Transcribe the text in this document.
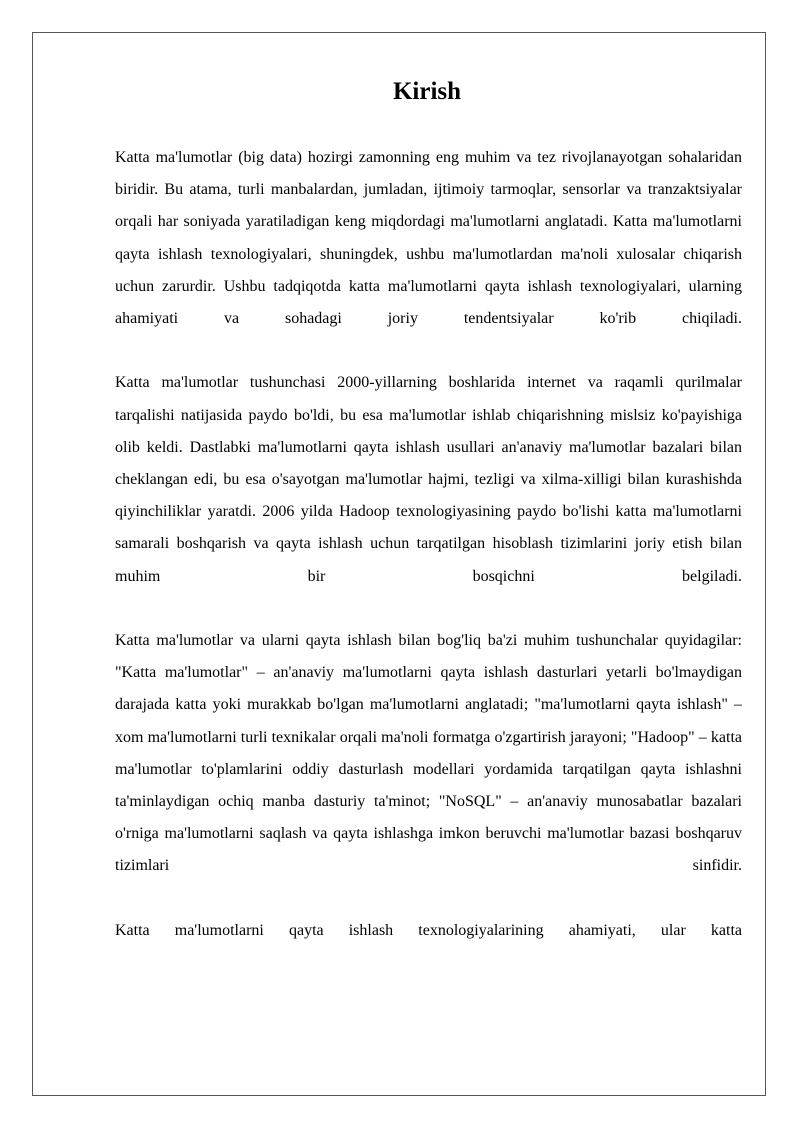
Kirish

Katta ma'lumotlar (big data) hozirgi zamonning eng muhim va tez rivojlanayotgan sohalaridan biridir. Bu atama, turli manbalardan, jumladan, ijtimoiy tarmoqlar, sensorlar va tranzaktsiyalar orqali har soniyada yaratiladigan keng miqdordagi ma'lumotlarni anglatadi. Katta ma'lumotlarni qayta ishlash texnologiyalari, shuningdek, ushbu ma'lumotlardan ma'noli xulosalar chiqarish uchun zarurdir. Ushbu tadqiqotda katta ma'lumotlarni qayta ishlash texnologiyalari, ularning ahamiyati va sohadagi joriy tendentsiyalar ko'rib chiqiladi.

Katta ma'lumotlar tushunchasi 2000-yillarning boshlarida internet va raqamli qurilmalar tarqalishi natijasida paydo bo'ldi, bu esa ma'lumotlar ishlab chiqarishning mislsiz ko'payishiga olib keldi. Dastlabki ma'lumotlarni qayta ishlash usullari an'anaviy ma'lumotlar bazalari bilan cheklangan edi, bu esa o'sayotgan ma'lumotlar hajmi, tezligi va xilma-xilligi bilan kurashishda qiyinchiliklar yaratdi. 2006 yilda Hadoop texnologiyasining paydo bo'lishi katta ma'lumotlarni samarali boshqarish va qayta ishlash uchun tarqatilgan hisoblash tizimlarini joriy etish bilan muhim bir bosqichni belgiladi.

Katta ma'lumotlar va ularni qayta ishlash bilan bog'liq ba'zi muhim tushunchalar quyidagilar: "Katta ma'lumotlar" – an'anaviy ma'lumotlarni qayta ishlash dasturlari yetarli bo'lmaydigan darajada katta yoki murakkab bo'lgan ma'lumotlarni anglatadi; "ma'lumotlarni qayta ishlash" – xom ma'lumotlarni turli texnikalar orqali ma'noli formatga o'zgartirish jarayoni; "Hadoop" – katta ma'lumotlar to'plamlarini oddiy dasturlash modellari yordamida tarqatilgan qayta ishlashni ta'minlaydigan ochiq manba dasturiy ta'minot; "NoSQL" – an'anaviy munosabatlar bazalari o'rniga ma'lumotlarni saqlash va qayta ishlashga imkon beruvchi ma'lumotlar bazasi boshqaruv tizimlari sinfidir.

Katta ma'lumotlarni qayta ishlash texnologiyalarining ahamiyati, ular katta
